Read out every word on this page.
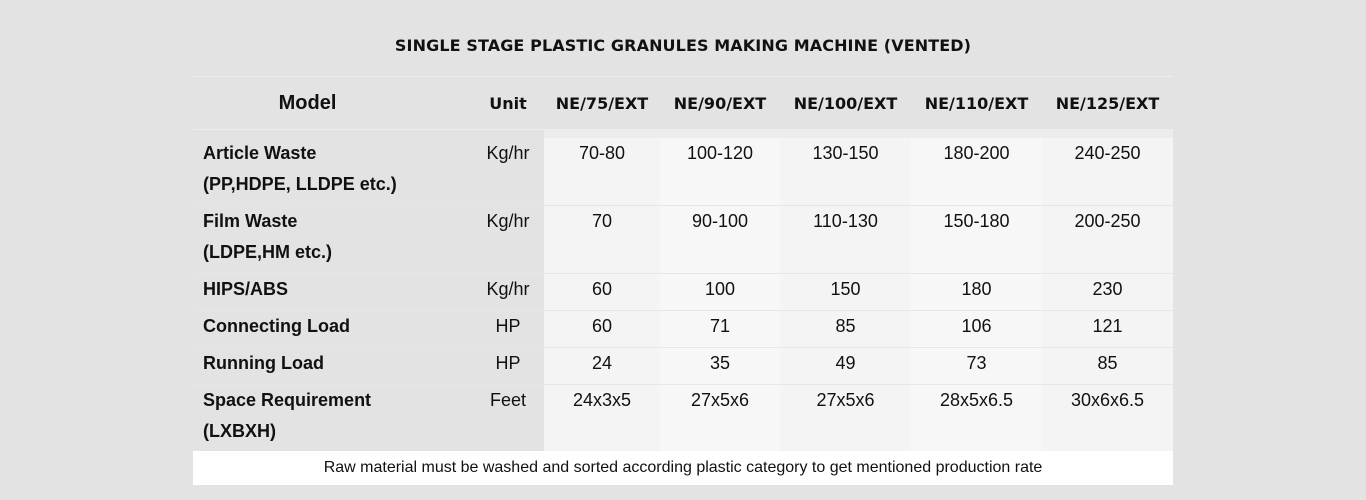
SINGLE STAGE PLASTIC GRANULES MAKING MACHINE (VENTED)
Model	Unit	NE/75/EXT	NE/90/EXT	NE/100/EXT	NE/110/EXT	NE/125/EXT

Article Waste
(PP,HDPE, LLDPE etc.)	Kg/hr	70-80	100-120	130-150	180-200	240-250

Film Waste
(LDPE,HM etc.)	Kg/hr	70	90-100	110-130	150-180	200-250

HIPS/ABS	Kg/hr	60	100	150	180	230

Connecting Load	HP	60	71	85	106	121

Running Load	HP	24	35	49	73	85

Space Requirement
(LXBXH)	Feet	24x3x5	27x5x6	27x5x6	28x5x6.5	30x6x6.5
Raw material must be washed and sorted according plastic category to get mentioned production rate
